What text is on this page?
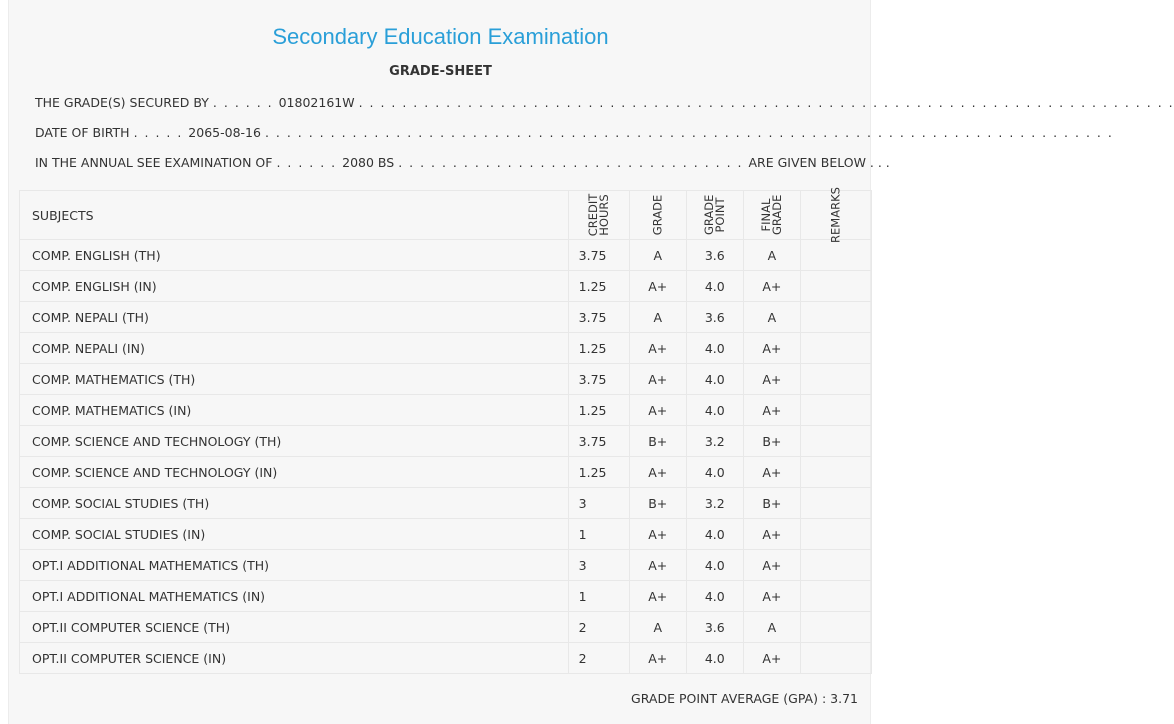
Secondary Education Examination
GRADE-SHEET
THE GRADE(S) SECURED BY . . . . . . 01802161W . . . . . . . . . . . . . . . . . . . . . . . . . . . . . . . . . . . . . . . . . . . . . . . . . . . . . . . . . . . . . . . . . . . . . . . . . . .
DATE OF BIRTH . . . . . 2065-08-16 . . . . . . . . . . . . . . . . . . . . . . . . . . . . . . . . . . . . . . . . . . . . . . . . . . . . . . . . . . . . . . . . . . . . . . . . . . . . . .
IN THE ANNUAL SEE EXAMINATION OF . . . . . . 2080 BS . . . . . . . . . . . . . . . . . . . . . . . . . . . . . . . . ARE GIVEN BELOW . . .
SUBJECTS	CREDIT HOURS	GRADE	GRADE POINT	FINAL GRADE	REMARKS

COMP. ENGLISH (TH)	3.75	A	3.6	A	
COMP. ENGLISH (IN)	1.25	A+	4.0	A+	
COMP. NEPALI (TH)	3.75	A	3.6	A	
COMP. NEPALI (IN)	1.25	A+	4.0	A+	
COMP. MATHEMATICS (TH)	3.75	A+	4.0	A+	
COMP. MATHEMATICS (IN)	1.25	A+	4.0	A+	
COMP. SCIENCE AND TECHNOLOGY (TH)	3.75	B+	3.2	B+	
COMP. SCIENCE AND TECHNOLOGY (IN)	1.25	A+	4.0	A+	
COMP. SOCIAL STUDIES (TH)	3	B+	3.2	B+	
COMP. SOCIAL STUDIES (IN)	1	A+	4.0	A+	
OPT.I ADDITIONAL MATHEMATICS (TH)	3	A+	4.0	A+	
OPT.I ADDITIONAL MATHEMATICS (IN)	1	A+	4.0	A+	
OPT.II COMPUTER SCIENCE (TH)	2	A	3.6	A	
OPT.II COMPUTER SCIENCE (IN)	2	A+	4.0	A+	
GRADE POINT AVERAGE (GPA) : 3.71
